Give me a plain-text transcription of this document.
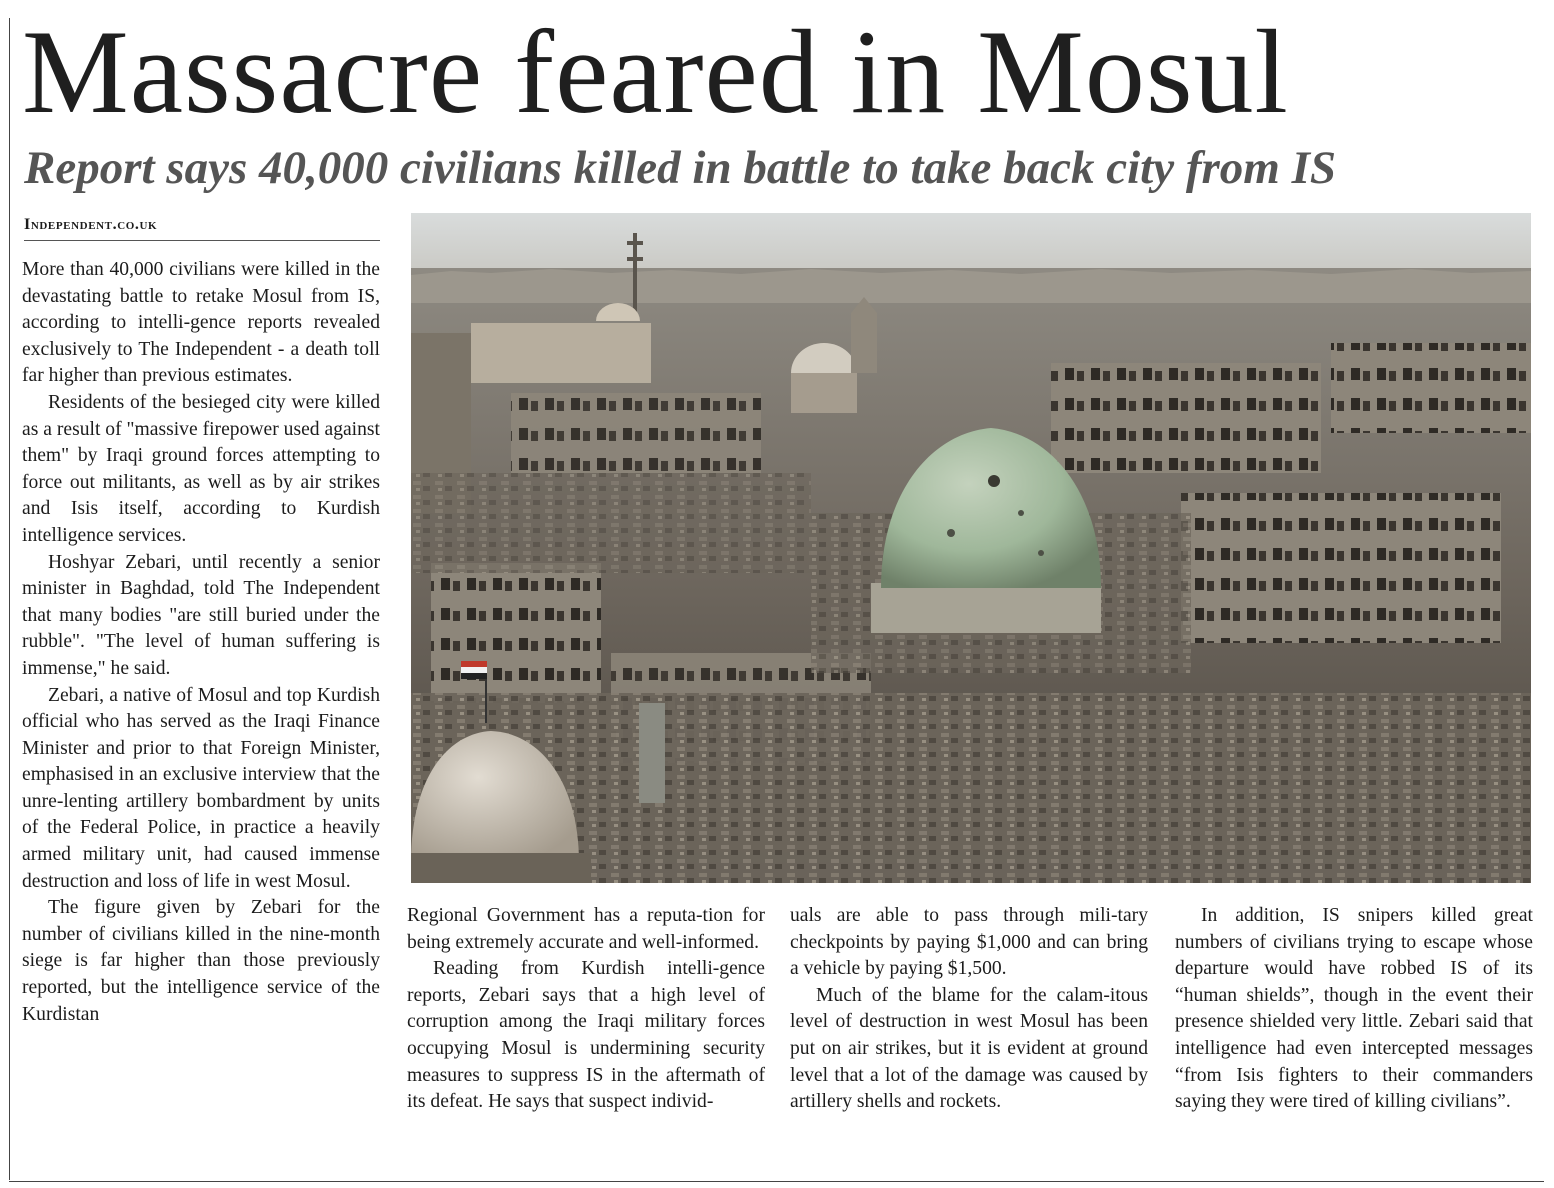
Massacre feared in Mosul
Report says 40,000 civilians killed in battle to take back city from IS
Independent.co.uk

More than 40,000 civilians were killed in the devastating battle to retake Mosul from IS, according to intelli-gence reports revealed exclusively to The Independent - a death toll far higher than previous estimates.

Residents of the besieged city were killed as a result of "massive firepower used against them" by Iraqi ground forces attempting to force out militants, as well as by air strikes and Isis itself, according to Kurdish intelligence services.

Hoshyar Zebari, until recently a senior minister in Baghdad, told The Independent that many bodies "are still buried under the rubble". "The level of human suffering is immense," he said.

Zebari, a native of Mosul and top Kurdish official who has served as the Iraqi Finance Minister and prior to that Foreign Minister, emphasised in an exclusive interview that the unre-lenting artillery bombardment by units of the Federal Police, in practice a heavily armed military unit, had caused immense destruction and loss of life in west Mosul.

The figure given by Zebari for the number of civilians killed in the nine-month siege is far higher than those previously reported, but the intelligence service of the Kurdistan

Regional Government has a reputa-tion for being extremely accurate and well-informed.

Reading from Kurdish intelli-gence reports, Zebari says that a high level of corruption among the Iraqi military forces occupying Mosul is undermining security measures to suppress IS in the aftermath of its defeat. He says that suspect individ-

uals are able to pass through mili-tary checkpoints by paying $1,000 and can bring a vehicle by paying $1,500.

Much of the blame for the calam-itous level of destruction in west Mosul has been put on air strikes, but it is evident at ground level that a lot of the damage was caused by artillery shells and rockets.

In addition, IS snipers killed great numbers of civilians trying to escape whose departure would have robbed IS of its “human shields”, though in the event their presence shielded very little. Zebari said that intelligence had even intercepted messages “from Isis fighters to their commanders saying they were tired of killing civilians”.
